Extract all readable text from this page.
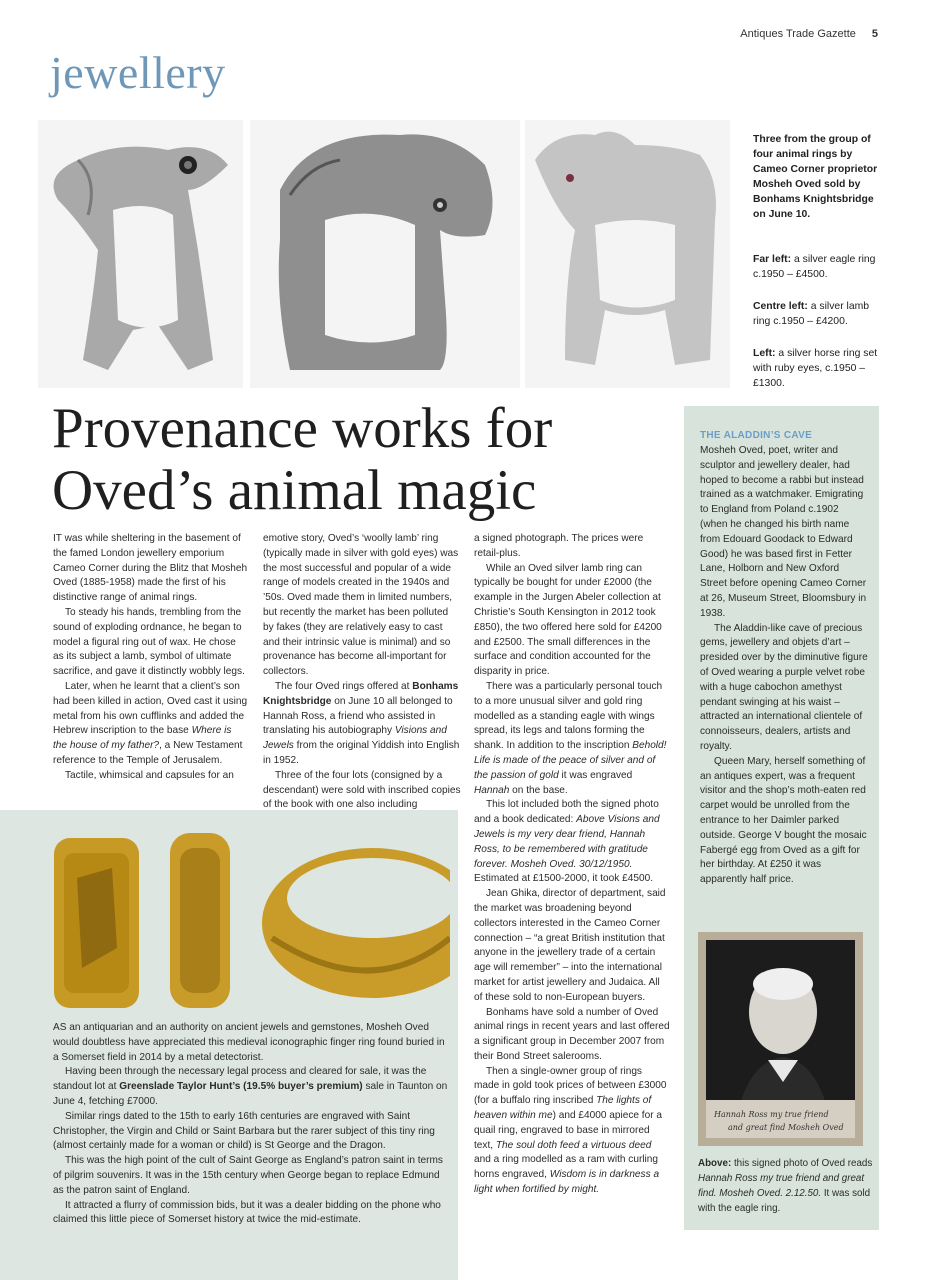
Antiques Trade Gazette 5
jewellery

Three from the group of four animal rings by Cameo Corner proprietor Mosheh Oved sold by Bonhams Knightsbridge on June 10.

Far left: a silver eagle ring c.1950 – £4500.

Centre left: a silver lamb ring c.1950 – £4200.

Left: a silver horse ring set with ruby eyes, c.1950 – £1300.

Provenance works for Oved’s animal magic

IT was while sheltering in the basement of the famed London jewellery emporium Cameo Corner during the Blitz that Mosheh Oved (1885-1958) made the first of his distinctive range of animal rings.

To steady his hands, trembling from the sound of exploding ordnance, he began to model a figural ring out of wax. He chose as its subject a lamb, symbol of ultimate sacrifice, and gave it distinctly wobbly legs.

Later, when he learnt that a client’s son had been killed in action, Oved cast it using metal from his own cufflinks and added the Hebrew inscription to the base Where is the house of my father?, a New Testament reference to the Temple of Jerusalem.

Tactile, whimsical and capsules for an

emotive story, Oved’s ‘woolly lamb’ ring (typically made in silver with gold eyes) was the most successful and popular of a wide range of models created in the 1940s and ’50s. Oved made them in limited numbers, but recently the market has been polluted by fakes (they are relatively easy to cast and their intrinsic value is minimal) and so provenance has become all-important for collectors.

The four Oved rings offered at Bonhams Knightsbridge on June 10 all belonged to Hannah Ross, a friend who assisted in translating his autobiography Visions and Jewels from the original Yiddish into English in 1952.

Three of the four lots (consigned by a descendant) were sold with inscribed copies of the book with one also including

AS an antiquarian and an authority on ancient jewels and gemstones, Mosheh Oved would doubtless have appreciated this medieval iconographic finger ring found buried in a Somerset field in 2014 by a metal detectorist.

Having been through the necessary legal process and cleared for sale, it was the standout lot at Greenslade Taylor Hunt’s (19.5% buyer’s premium) sale in Taunton on June 4, fetching £7000.

Similar rings dated to the 15th to early 16th centuries are engraved with Saint Christopher, the Virgin and Child or Saint Barbara but the rarer subject of this tiny ring (almost certainly made for a woman or child) is St George and the Dragon.

This was the high point of the cult of Saint George as England’s patron saint in terms of pilgrim souvenirs. It was in the 15th century when George began to replace Edmund as the patron saint of England.

It attracted a flurry of commission bids, but it was a dealer bidding on the phone who claimed this little piece of Somerset history at twice the mid-estimate.

a signed photograph. The prices were retail-plus.

While an Oved silver lamb ring can typically be bought for under £2000 (the example in the Jurgen Abeler collection at Christie’s South Kensington in 2012 took £850), the two offered here sold for £4200 and £2500. The small differences in the surface and condition accounted for the disparity in price.

There was a particularly personal touch to a more unusual silver and gold ring modelled as a standing eagle with wings spread, its legs and talons forming the shank. In addition to the inscription Behold! Life is made of the peace of silver and of the passion of gold it was engraved Hannah on the base.

This lot included both the signed photo and a book dedicated: Above Visions and Jewels is my very dear friend, Hannah Ross, to be remembered with gratitude forever. Mosheh Oved. 30/12/1950. Estimated at £1500-2000, it took £4500.

Jean Ghika, director of department, said the market was broadening beyond collectors interested in the Cameo Corner connection – “a great British institution that anyone in the jewellery trade of a certain age will remember” – into the international market for artist jewellery and Judaica. All of these sold to non-European buyers.

Bonhams have sold a number of Oved animal rings in recent years and last offered a significant group in December 2007 from their Bond Street salerooms.

Then a single-owner group of rings made in gold took prices of between £3000 (for a buffalo ring inscribed The lights of heaven within me) and £4000 apiece for a quail ring, engraved to base in mirrored text, The soul doth feed a virtuous deed and a ring modelled as a ram with curling horns engraved, Wisdom is in darkness a light when fortified by might.

THE ALADDIN’S CAVE

Mosheh Oved, poet, writer and sculptor and jewellery dealer, had hoped to become a rabbi but instead trained as a watchmaker. Emigrating to England from Poland c.1902 (when he changed his birth name from Edouard Goodack to Edward Good) he was based first in Fetter Lane, Holborn and New Oxford Street before opening Cameo Corner at 26, Museum Street, Bloomsbury in 1938.

The Aladdin-like cave of precious gems, jewellery and objets d’art – presided over by the diminutive figure of Oved wearing a purple velvet robe with a huge cabochon amethyst pendant swinging at his waist – attracted an international clientele of connoisseurs, dealers, artists and royalty.

Queen Mary, herself something of an antiques expert, was a frequent visitor and the shop’s moth-eaten red carpet would be unrolled from the entrance to her Daimler parked outside. George V bought the mosaic Fabergé egg from Oved as a gift for her birthday. At £250 it was apparently half price.

Hannah Ross my true friend
and great find Mosheh Oved
Above: this signed photo of Oved reads Hannah Ross my true friend and great find. Mosheh Oved. 2.12.50. It was sold with the eagle ring.
